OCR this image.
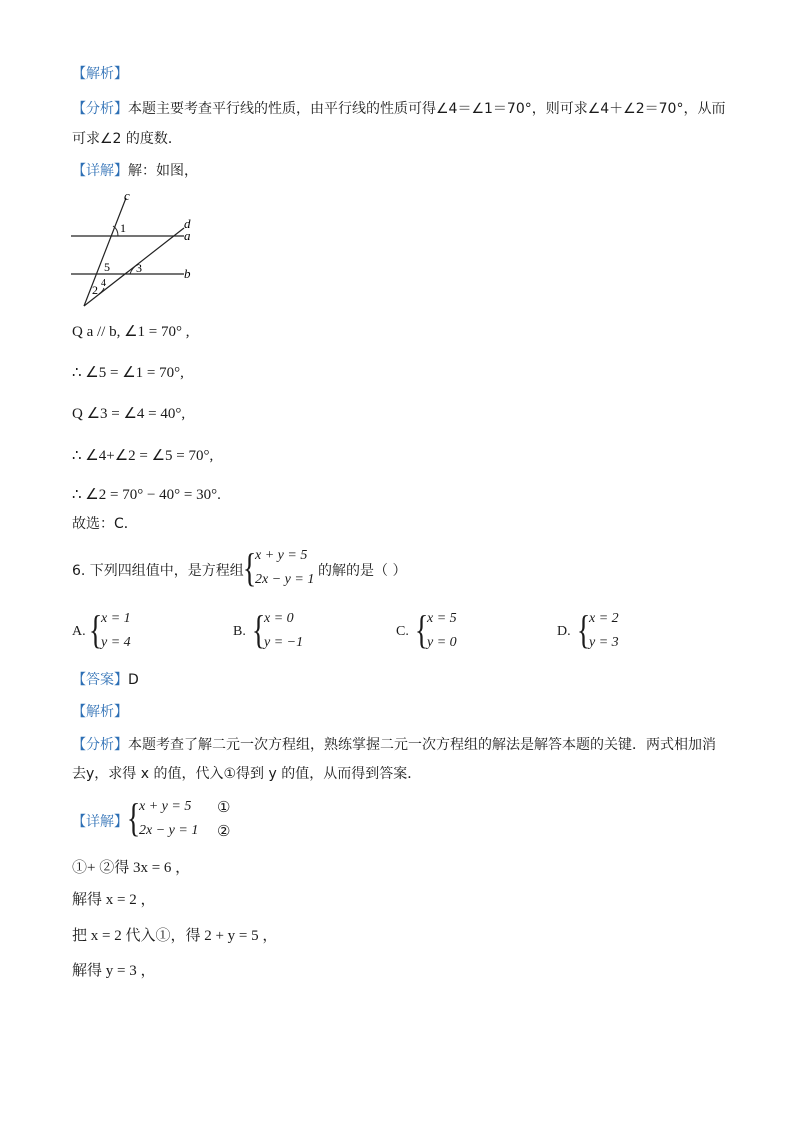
【解析】
【分析】本题主要考查平行线的性质，由平行线的性质可得∠4＝∠1＝70°，则可求∠4＋∠2＝70°，从而
可求∠2 的度数．
【详解】解：如图，
c
d
a
b
1
5 3
2 4
Q a // b, ∠1 = 70° ,
∴ ∠5 = ∠1 = 70°,
Q ∠3 = ∠4 = 40°,
∴ ∠4+∠2 = ∠5 = 70°,
∴ ∠2 = 70° − 40° = 30°.
故选：C．
6. 下列四组值中，是方程组 {
x + y = 5
2x − y = 1
的解的是（ ）
A. {
x = 1
y = 4
B. {
x = 0
y = −1
C. {
x = 5
y = 0
D. {
x = 2
y = 3
【答案】D
【解析】
【分析】本题考查了解二元一次方程组，熟练掌握二元一次方程组的解法是解答本题的关键．两式相加消
去y，求得 x 的值，代入①得到 y 的值，从而得到答案．
【详解】
{
x + y = 5
2x − y = 1
①
②
①+ ②得 3x = 6 ，
解得 x = 2 ，
把 x = 2 代入①，得 2 + y = 5 ，
解得 y = 3 ，
